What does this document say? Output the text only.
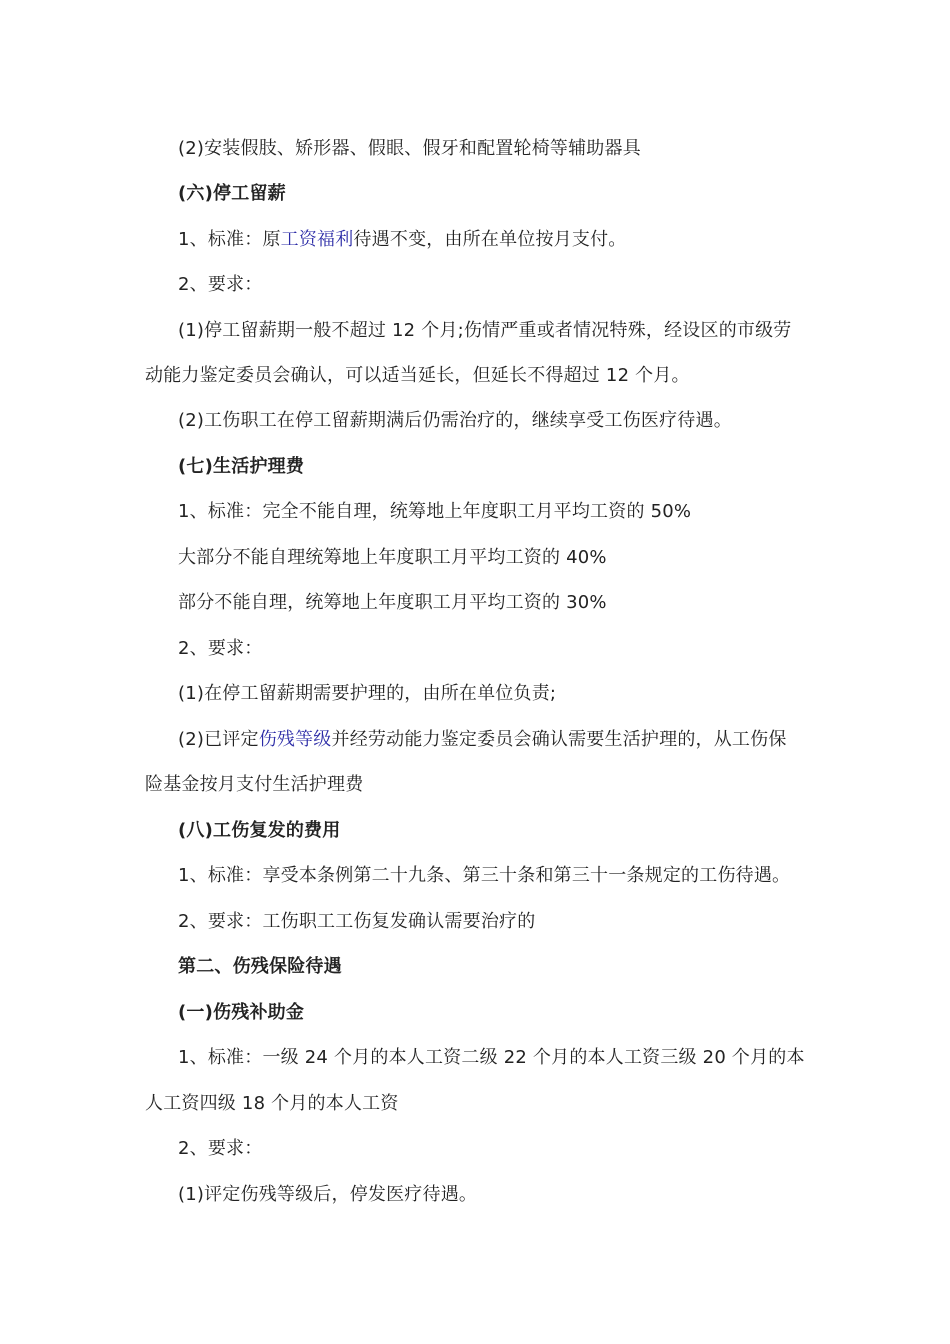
(2)安装假肢、矫形器、假眼、假牙和配置轮椅等辅助器具
(六)停工留薪
1、标准：原工资福利待遇不变，由所在单位按月支付。
2、要求：
(1)停工留薪期一般不超过 12 个月;伤情严重或者情况特殊，经设区的市级劳
动能力鉴定委员会确认，可以适当延长，但延长不得超过 12 个月。
(2)工伤职工在停工留薪期满后仍需治疗的，继续享受工伤医疗待遇。
(七)生活护理费
1、标准：完全不能自理，统筹地上年度职工月平均工资的 50%
大部分不能自理统筹地上年度职工月平均工资的 40%
部分不能自理，统筹地上年度职工月平均工资的 30%
2、要求：
(1)在停工留薪期需要护理的，由所在单位负责;
(2)已评定伤残等级并经劳动能力鉴定委员会确认需要生活护理的，从工伤保
险基金按月支付生活护理费
(八)工伤复发的费用
1、标准：享受本条例第二十九条、第三十条和第三十一条规定的工伤待遇。
2、要求：工伤职工工伤复发确认需要治疗的
第二、伤残保险待遇
(一)伤残补助金
1、标准：一级 24 个月的本人工资二级 22 个月的本人工资三级 20 个月的本
人工资四级 18 个月的本人工资
2、要求：
(1)评定伤残等级后，停发医疗待遇。
